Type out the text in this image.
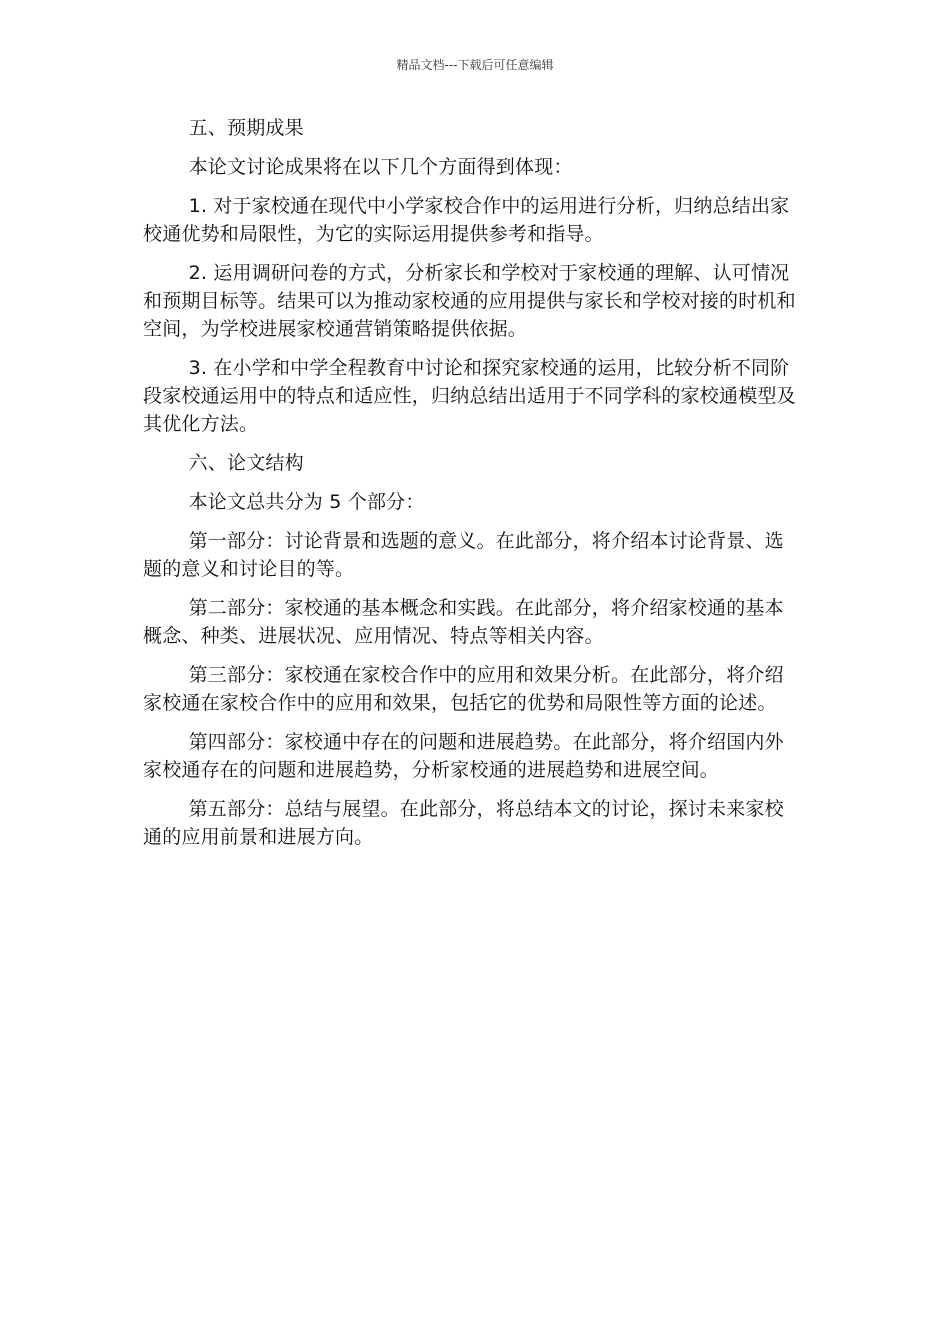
精品文档---下载后可任意编辑

五、预期成果

本论文讨论成果将在以下几个方面得到体现：

1. 对于家校通在现代中小学家校合作中的运用进行分析，归纳总结出家校通优势和局限性，为它的实际运用提供参考和指导。

2. 运用调研问卷的方式，分析家长和学校对于家校通的理解、认可情况和预期目标等。结果可以为推动家校通的应用提供与家长和学校对接的时机和空间，为学校进展家校通营销策略提供依据。

3. 在小学和中学全程教育中讨论和探究家校通的运用，比较分析不同阶段家校通运用中的特点和适应性，归纳总结出适用于不同学科的家校通模型及其优化方法。

六、论文结构

本论文总共分为 5 个部分：

第一部分：讨论背景和选题的意义。在此部分，将介绍本讨论背景、选题的意义和讨论目的等。

第二部分：家校通的基本概念和实践。在此部分，将介绍家校通的基本概念、种类、进展状况、应用情况、特点等相关内容。

第三部分：家校通在家校合作中的应用和效果分析。在此部分，将介绍家校通在家校合作中的应用和效果，包括它的优势和局限性等方面的论述。

第四部分：家校通中存在的问题和进展趋势。在此部分，将介绍国内外家校通存在的问题和进展趋势，分析家校通的进展趋势和进展空间。

第五部分：总结与展望。在此部分，将总结本文的讨论，探讨未来家校通的应用前景和进展方向。
